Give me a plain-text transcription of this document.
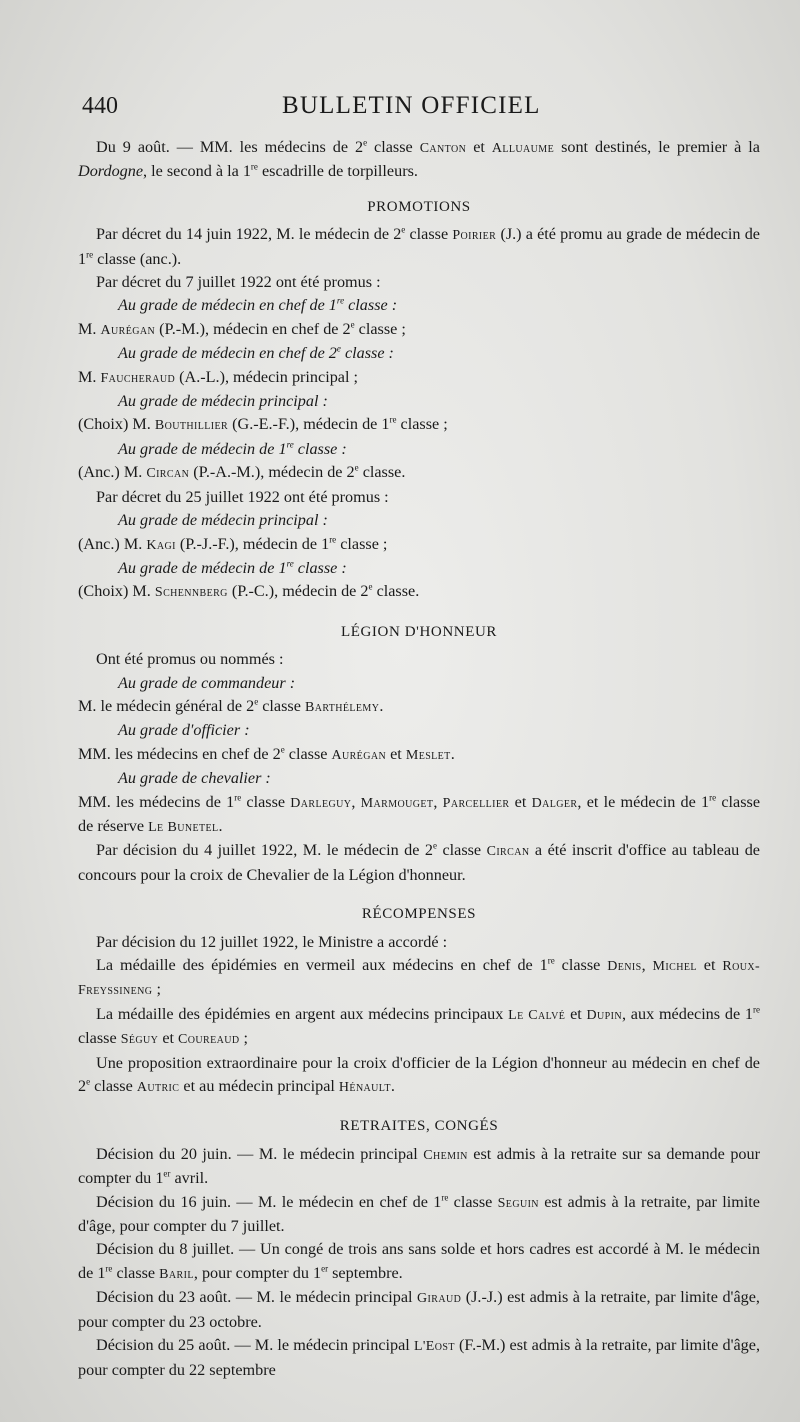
440	BULLETIN OFFICIEL

Du 9 août. — MM. les médecins de 2e classe Canton et Alluaume sont destinés, le premier à la Dordogne, le second à la 1re escadrille de torpilleurs.

PROMOTIONS

Par décret du 14 juin 1922, M. le médecin de 2e classe Poirier (J.) a été promu au grade de médecin de 1re classe (anc.).

Par décret du 7 juillet 1922 ont été promus :

Au grade de médecin en chef de 1re classe :

M. Aurégan (P.-M.), médecin en chef de 2e classe ;

Au grade de médecin en chef de 2e classe :

M. Faucheraud (A.-L.), médecin principal ;

Au grade de médecin principal :

(Choix) M. Bouthillier (G.-E.-F.), médecin de 1re classe ;

Au grade de médecin de 1re classe :

(Anc.) M. Circan (P.-A.-M.), médecin de 2e classe.

Par décret du 25 juillet 1922 ont été promus :

Au grade de médecin principal :

(Anc.) M. Kagi (P.-J.-F.), médecin de 1re classe ;

Au grade de médecin de 1re classe :

(Choix) M. Schennberg (P.-C.), médecin de 2e classe.

LÉGION D'HONNEUR

Ont été promus ou nommés :

Au grade de commandeur :

M. le médecin général de 2e classe Barthélemy.

Au grade d'officier :

MM. les médecins en chef de 2e classe Aurégan et Meslet.

Au grade de chevalier :

MM. les médecins de 1re classe Darleguy, Marmouget, Parcellier et Dalger, et le médecin de 1re classe de réserve Le Bunetel.

Par décision du 4 juillet 1922, M. le médecin de 2e classe Circan a été inscrit d'office au tableau de concours pour la croix de Chevalier de la Légion d'honneur.

RÉCOMPENSES

Par décision du 12 juillet 1922, le Ministre a accordé :

La médaille des épidémies en vermeil aux médecins en chef de 1re classe Denis, Michel et Roux-Freyssineng ;

La médaille des épidémies en argent aux médecins principaux Le Calvé et Dupin, aux médecins de 1re classe Séguy et Coureaud ;

Une proposition extraordinaire pour la croix d'officier de la Légion d'honneur au médecin en chef de 2e classe Autric et au médecin principal Hénault.

RETRAITES, CONGÉS

Décision du 20 juin. — M. le médecin principal Chemin est admis à la retraite sur sa demande pour compter du 1er avril.

Décision du 16 juin. — M. le médecin en chef de 1re classe Seguin est admis à la retraite, par limite d'âge, pour compter du 7 juillet.

Décision du 8 juillet. — Un congé de trois ans sans solde et hors cadres est accordé à M. le médecin de 1re classe Baril, pour compter du 1er septembre.

Décision du 23 août. — M. le médecin principal Giraud (J.-J.) est admis à la retraite, par limite d'âge, pour compter du 23 octobre.

Décision du 25 août. — M. le médecin principal L'Eost (F.-M.) est admis à la retraite, par limite d'âge, pour compter du 22 septembre
